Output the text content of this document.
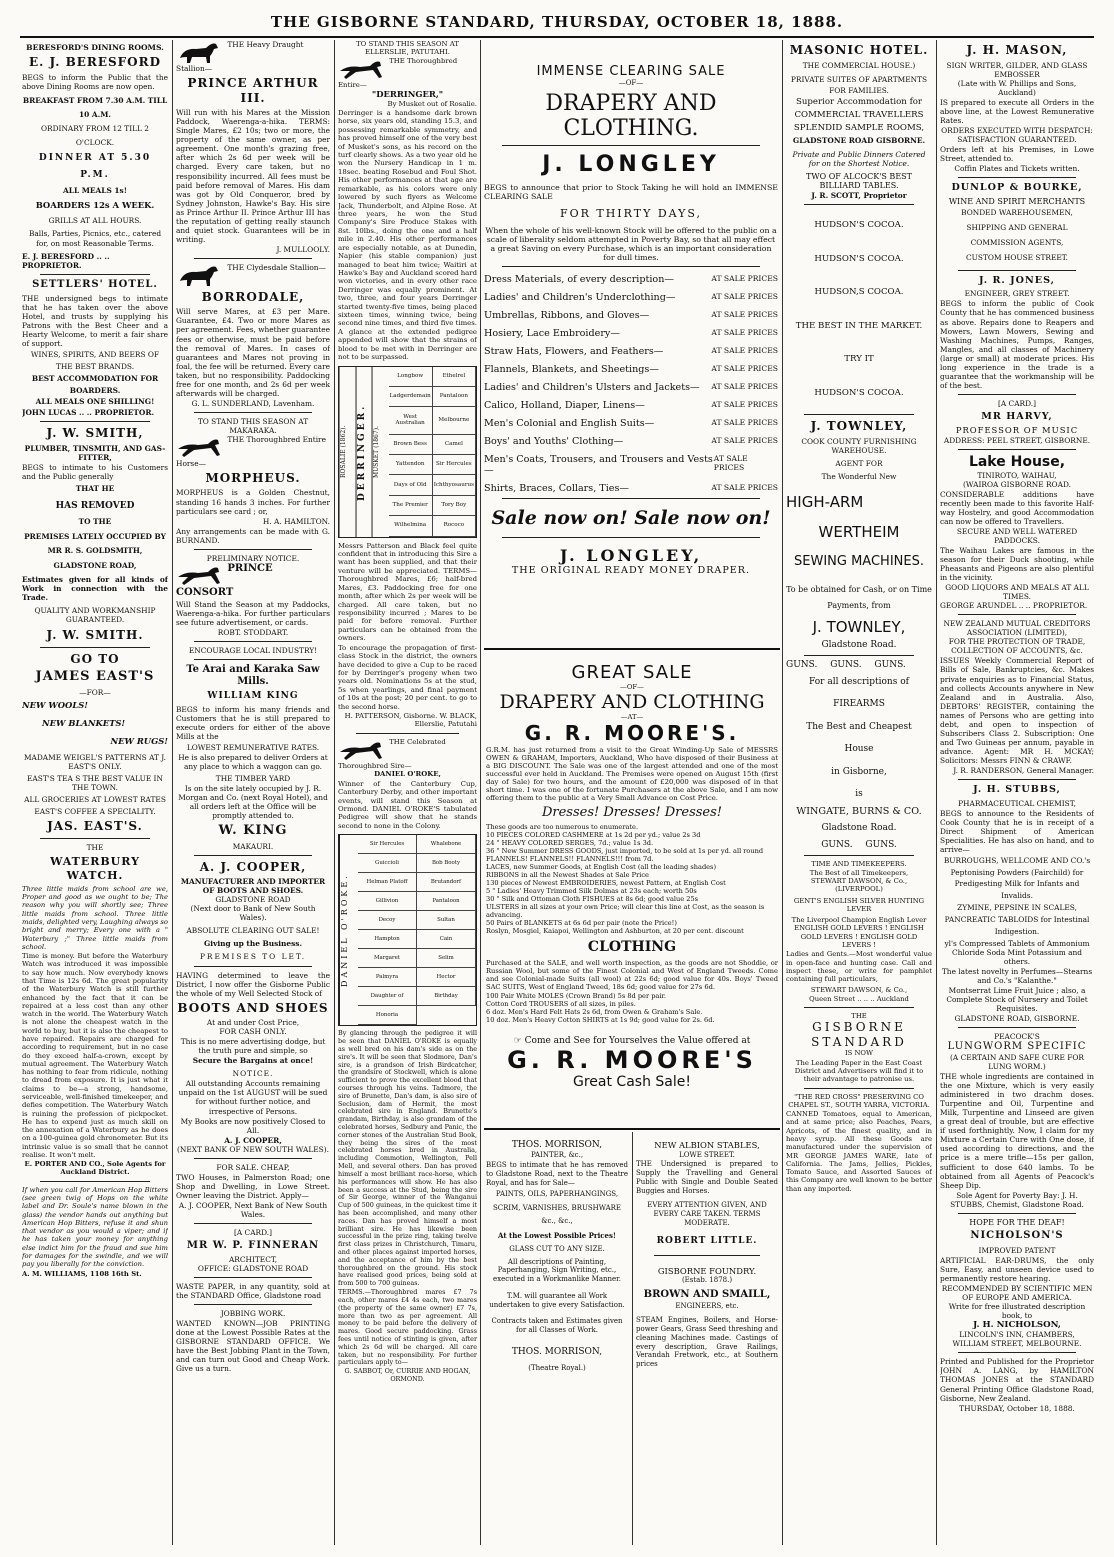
THE GISBORNE STANDARD, THURSDAY, OCTOBER 18, 1888.
BERESFORD'S DINING ROOMS.
E. J. BERESFORD

BEGS to inform the Public that the above Dining Rooms are now open.

BREAKFAST FROM 7.30 A.M. TILL 10 A.M.
ORDINARY FROM 12 TILL 2 O'CLOCK.
DINNER AT 5.30 P.M.
ALL MEALS 1s!
BOARDERS 12s A WEEK.
GRILLS AT ALL HOURS.

Balls, Parties, Picnics, etc., catered for, on most Reasonable Terms.

E. J. BERESFORD .. .. PROPRIETOR.
SETTLERS' HOTEL.

THE undersigned begs to intimate that he has taken over the above Hotel, and trusts by supplying his Patrons with the Best Cheer and a Hearty Welcome, to merit a fair share of support.

WINES, SPIRITS, AND BEERS OF THE BEST BRANDS.
BEST ACCOMMODATION FOR BOARDERS.
ALL MEALS ONE SHILLING!
JOHN LUCAS .. .. PROPRIETOR.
J. W. SMITH,
PLUMBER, TINSMITH, AND GAS-FITTER,

BEGS to intimate to his Customers and the Public generally

THAT HE
HAS REMOVED
TO THE
PREMISES LATELY OCCUPIED BY
MR R. S. GOLDSMITH,
GLADSTONE ROAD,

Estimates given for all kinds of Work in connection with the Trade.

QUALITY AND WORKMANSHIP GUARANTEED.
J. W. SMITH.
GO TO
JAMES EAST'S
—FOR—
NEW WOOLS!
NEW BLANKETS!
NEW RUGS!
MADAME WEIGEL'S PATTERNS AT J. EAST'S ONLY.
EAST'S TEA S THE BEST VALUE IN THE TOWN.
ALL GROCERIES AT LOWEST RATES
EAST'S COFFEE A SPECIALITY.
JAS. EAST'S.
THE
WATERBURY WATCH.

Three little maids from school are we, Proper and good as we ought to be; The reason why you will shortly see; Three little maids from school. Three little maids, delighted very, Laughing always so bright and merry; Every one with a " Waterbury ;" Three little maids from school.

Time is money. But before the Waterbury Watch was introduced it was impossible to say how much. Now everybody knows that Time is 12s 6d. The great popularity of the Waterbury Watch is still further enhanced by the fact that it can be repaired at a less cost than any other watch in the world. The Waterbury Watch is not alone the cheapest watch in the world to buy, but it is also the cheapest to have repaired. Repairs are charged for according to requirement, but in no case do they exceed half-a-crown, except by mutual agreement. The Waterbury Watch has nothing to fear from ridicule, nothing to dread from exposure. It is just what it claims to be—a strong, handsome, serviceable, well-finished timekeeper, and defies competition. The Waterbury Watch is ruining the profession of pickpocket. He has to expend just as much skill on the annexation of a Waterbury as he does on a 100-guinea gold chronometer. But its intrinsic value is so small that he cannot realise. It won't melt.

E. PORTER AND CO., Sole Agents for Auckland District.

If when you call for American Hop Bitters (see green twig of Hops on the white label and Dr. Soule's name blown in the glass) the vendor hands out anything but American Hop Bitters, refuse it and shun that vendor as you would a viper; and if he has taken your money for anything else indict him for the fraud and sue him for damages for the swindle, and we will pay you liberally for the conviction.

A. M. WILLIAMS, 1108 16th St.
THE Heavy Draught Stallion—
PRINCE ARTHUR III.

Will run with his Mares at the Mission Paddock, Waerenga-a-hika. TERMS: Single Mares, £2 10s; two or more, the property of the same owner, as per agreement. One month's grazing free, after which 2s 6d per week will be charged. Every care taken, but no responsibility incurred. All fees must be paid before removal of Mares. His dam was got by Old Conqueror, bred by Sydney Johnston, Hawke's Bay. His sire as Prince Arthur II. Prince Arthur III has the reputation of getting really staunch and quiet stock. Guarantees will be in writing.

J. MULLOOLY.
THE Clydesdale Stallion—
BORRODALE,

Will serve Mares, at £3 per Mare. Guarantee, £4. Two or more Mares as per agreement. Fees, whether guarantee fees or otherwise, must be paid before the removal of Mares. In cases of guarantees and Mares not proving in foal, the fee will be returned. Every care taken, but no responsibility. Paddocking free for one month, and 2s 6d per week afterwards will be charged.

G. L. SUNDERLAND, Lavenham.
TO STAND THIS SEASON AT MAKARAKA.
THE Thoroughbred Entire Horse—
MORPHEUS.

MORPHEUS is a Golden Chestnut, standing 16 hands 3 inches. For further particulars see card ; or,

H. A. HAMILTON.

Any arrangements can be made with G. BURNAND.

PRELIMINARY NOTICE.
PRINCE CONSORT

Will Stand the Season at my Paddocks, Waerenga-a-hika. For further particulars see future advertisement, or cards.

ROBT. STODDART.
ENCOURAGE LOCAL INDUSTRY!
Te Arai and Karaka Saw Mills.
WILLIAM KING

BEGS to inform his many friends and Customers that he is still prepared to execute orders for either of the above Mills at the

LOWEST REMUNERATIVE RATES.

He is also prepared to deliver Orders at any place to which a waggon can go.

THE TIMBER YARD

Is on the site lately occupied by J. R. Morgan and Co. (next Royal Hotel), and all orders left at the Office will be promptly attended to.

W. KING
MAKAURI.
A. J. COOPER,
MANUFACTURER AND IMPORTER OF BOOTS AND SHOES.
GLADSTONE ROAD
(Next door to Bank of New South Wales).
ABSOLUTE CLEARING OUT SALE!
Giving up the Business.
PREMISES TO LET.

HAVING determined to leave the District, I now offer the Gisborne Public the whole of my Well Selected Stock of

BOOTS AND SHOES
At and under Cost Price,
FOR CASH ONLY.

This is no mere advertising dodge, but the truth pure and simple, so

Secure the Bargains at once!
NOTICE.

All outstanding Accounts remaining unpaid on the 1st AUGUST will be sued for without further notice, and irrespective of Persons.

My Books are now positively Closed to All.

A. J. COOPER,
(NEXT BANK OF NEW SOUTH WALES).
FOR SALE. CHEAP,

TWO Houses, in Palmerston Road; one Shop and Dwelling, in Lowe Street. Owner leaving the District. Apply—

A. J. COOPER, Next Bank of New South Wales.
[A CARD.]
MR W. P. FINNERAN
ARCHITECT,
OFFICE: GLADSTONE ROAD

WASTE PAPER, in any quantity, sold at the STANDARD Office, Gladstone road

JOBBING WORK.

WANTED KNOWN—JOB PRINTING done at the Lowest Possible Rates at the GISBORNE STANDARD OFFICE. We have the Best Jobbing Plant in the Town, and can turn out Good and Cheap Work. Give us a turn.

TO STAND THIS SEASON AT ELLERSLIE, PATUTAHI.
THE Thoroughbred Entire—
"DERRINGER,"
By Musket out of Rosalie.

Derringer is a handsome dark brown horse, six years old, standing 15.3, and possessing remarkable symmetry, and has proved himself one of the very best of Musket's sons, as his record on the turf clearly shows. As a two year old he won the Nursery Handicap in 1 m. 18sec. beating Rosebud and Foul Shot. His other performances at that age are remarkable, as his colors were only lowered by such flyers as Welcome Jack, Thunderbolt, and Alpine Rose. At three years, he won the Stud Company's Sire Produce Stakes with 8st. 10lbs., doing the one and a half mile in 2.40. His other performances are especially notable, as at Dunedin, Napier (his stable companion) just managed to beat him twice; Waitiri at Hawke's Bay and Auckland scored hard won victories, and in every other race Derringer was equally prominent. At two, three, and four years Derringer started twenty-five times, being placed sixteen times, winning twice, being second nine times, and third five times. A glance at the extended pedigree appended will show that the strains of blood to be met with in Derringer are not to be surpassed.

ROSALIE (1862).	DERRINGER.	MUSKET (1867).
Longbow	Ethelrel
Ladgerdemain	Pantaloon
West Australian
Melbourne
Brown Bess	Camel
Yattendon	Sir Hercules
Days of Old	Ichthyosaurus
The Premier	Tory Boy
Wilhelmina	Rococo

Messrs Patterson and Black feel quite confident that in introducing this Sire a want has been supplied, and that their venture will be appreciated. TERMS—Thoroughbred Mares, £6; half-bred Mares, £3. Paddocking free for one month, after which 2s per week will be charged. All care taken, but no responsibility incurred ; Mares to be paid for before removal. Further particulars can be obtained from the owners.

To encourage the propagation of first-class Stock in the district, the owners have decided to give a Cup to be raced for by Derringer's progeny when two years old. Nominations 5s at the stud, 5s when yearlings, and final payment of 10s at the post; 20 per cent. to go to the second horse.

H. PATTERSON, Gisborne. W. BLACK, Ellerslie, Patutahi
THE Celebrated Thoroughbred Sire—
DANIEL O'ROKE,

Winner of the Canterbury Cup, Canterbury Derby, and other important events, will stand this Season at Ormond. DANIEL O'ROKE'S tabulated Pedigree will show that he stands second to none in the Colony.

DANIEL O'ROKE.
Sir Hercules	Whalebone
Guiccioli	Bob Booty
Helman Platoff	Brutandorf
Gillivion	Pantaloon
Decoy	Sultan
Hampton	Cain
Margaret	Selim
Palmyra	Hector
Daughter of	Birthday
Honoria

By glancing through the pedigree it will be seen that DANIEL O'ROKE is equally as well bred on his dam's side as on the sire's. It will be seen that Slodmore, Dan's sire, is a grandson of Irish Birdcatcher, the grandsire of Stockwell, which is alone sufficient to prove the excellent blood that courses through his veins. Tadmore, the sire of Brunette, Dan's dam, is also sire of Seclusion, dam of Hermit, the most celebrated sire in England. Brunette's grandam, Birthday, is also grandam of the celebrated horses, Sedbury and Panic, the corner stones of the Australian Stud Book, they being the sires of the most celebrated horses bred in Australia, including Commotion, Wellington, Pell Mell, and several others. Dan has proved himself a most brilliant race-horse, which his performances will show. He has also been a success at the Stud, being the sire of Sir George, winner of the Wanganui Cup of 500 guineas, in the quickest time it has been accomplished, and many other races. Dan has proved himself a most brilliant sire. He has likewise been successful in the prize ring, taking twelve first class prizes in Christchurch, Timaru, and other places against imported horses, and the acceptance of him by the best thoroughbred on the ground. His stock have realised good prices, being sold at from 500 to 700 guineas.

TERMS.—Thoroughbred mares £7 7s each, other mares £4 4s each, two mares (the property of the same owner) £7 7s, more than two as per agreement. All money to be paid before the delivery of mares. Good secure paddocking. Grass fees until notice of stinting is given, after which 2s 6d will be charged. All care taken, but no responsibility. For further particulars apply to—

G. SABBOT, Or, CURRIE AND HOGAN, ORMOND.
IMMENSE CLEARING SALE
—OF—
DRAPERY AND CLOTHING.
J. LONGLEY

BEGS to announce that prior to Stock Taking he will hold an IMMENSE CLEARING SALE

FOR THIRTY DAYS,

When the whole of his well-known Stock will be offered to the public on a scale of liberality seldom attempted in Poverty Bay, so that all may effect a great Saving on every Purchase, which is an important consideration for dull times.

Dress Materials, of every description—	AT SALE PRICES
Ladies' and Children's Underclothing—	AT SALE PRICES
Umbrellas, Ribbons, and Gloves—	AT SALE PRICES
Hosiery, Lace Embroidery—	AT SALE PRICES
Straw Hats, Flowers, and Feathers—	AT SALE PRICES
Flannels, Blankets, and Sheetings—	AT SALE PRICES
Ladies' and Children's Ulsters and Jackets— AT SALE PRICES
Calico, Holland, Diaper, Linens—	AT SALE PRICES
Men's Colonial and English Suits—	AT SALE PRICES
Boys' and Youths' Clothing—	AT SALE PRICES
Men's Coats, Trousers, and Trousers and Vests—
AT SALE PRICES
Shirts, Braces, Collars, Ties—	AT SALE PRICES
Sale now on! Sale now on!
J. LONGLEY,
THE ORIGINAL READY MONEY DRAPER.
GREAT SALE
—OF—
DRAPERY AND CLOTHING
—AT—
G. R. MOORE'S.

G.R.M. has just returned from a visit to the Great Winding-Up Sale of MESSRS OWEN & GRAHAM, Importers, Auckland, Who have disposed of their Business at a BIG DISCOUNT. The Sale was one of the largest attended and one of the most successful ever held in Auckland. The Premises were opened on August 15th (first day of Sale) for two hours, and the amount of £20,000 was disposed of in that short time. I was one of the fortunate Purchasers at the above Sale, and I am now offering them to the public at a Very Small Advance on Cost Price.

Dresses! Dresses! Dresses!
These goods are too numerous to enumerate.
10 PIECES COLORED CASHMERE at 1s 2d per yd.; value 2s 3d
24 " HEAVY COLORED SERGES, 7d.; value 1s 3d.
36 " New Summer DRESS GOODS, just imported, to be sold at 1s per yd. all round
FLANNELS! FLANNELS!! FLANNELS!!! from 7d.
LACES, new Summer Goods, at English Cost (all the leading shades)
RIBBONS in all the Newest Shades at Sale Price
130 pieces of Newest EMBROIDERIES, newest Pattern, at English Cost
5 " Ladies' Heavy Trimmed Silk Dolmas at 23s each; worth 50s
30 " Silk and Ottoman Cloth FISHUES at 8s 6d; good value 25s
ULSTERS in all sizes at your own Price; will clear this line at Cost, as the season is advancing.
50 Pairs of BLANKETS at 6s 6d per pair (note the Price!)
Roslyn, Mosgiel, Kaiapoi, Wellington and Ashburton, at 20 per cent. discount
CLOTHING

Purchased at the SALE, and well worth inspection, as the goods are not Shoddie, or Russian Wool, but some of the Finest Colonial and West of England Tweeds. Come and see Colonial-made Suits (all wool) at 22s 6d; good value for 40s. Boys' Tweed SAC SUITS, West of England Tweed, 18s 6d; good value for 27s 6d.

100 Pair White MOLES (Crown Brand) 5s 8d per pair.
Cotton Cord TROUSERS of all sizes, in piles.
6 doz. Men's Hard Felt Hats 2s 6d, from Owen & Graham's Sale.
10 doz. Men's Heavy Cotton SHIRTS at 1s 9d; good value for 2s. 6d.
☞ Come and See for Yourselves the Value offered at
G. R. MOORE'S
Great Cash Sale!
THOS. MORRISON,
PAINTER, &c.,

BEGS to intimate that he has removed to Gladstone Road, next to the Theatre Royal, and has for Sale—

PAINTS, OILS, PAPERHANGINGS,
SCRIM, VARNISHES, BRUSHWARE
&c., &c.,
At the Lowest Possible Prices!
GLASS CUT TO ANY SIZE.

All descriptions of Painting, Paperhanging, Sign Writing, etc., executed in a Workmanlike Manner.

T.M. will guarantee all Work undertaken to give every Satisfaction.

Contracts taken and Estimates given for all Classes of Work.

THOS. MORRISON,
(Theatre Royal.)
NEW ALBION STABLES,
LOWE STREET.

THE Undersigned is prepared to Supply the Travelling and General Public with Single and Double Seated Buggies and Horses.

EVERY ATTENTION GIVEN, AND EVERY CARE TAKEN. TERMS MODERATE.
ROBERT LITTLE.
GISBORNE FOUNDRY.
(Estab. 1878.)
BROWN AND SMAILL,
ENGINEERS, etc.

STEAM Engines, Boilers, and Horse-power Gears, Grass Seed threshing and cleaning Machines made. Castings of every description, Grave Railings, Verandah Fretwork, etc., at Southern prices

MASONIC HOTEL.
THE COMMERCIAL HOUSE.)
PRIVATE SUITES OF APARTMENTS FOR FAMILIES.
Superior Accommodation for
COMMERCIAL TRAVELLERS
SPLENDID SAMPLE ROOMS,
GLADSTONE ROAD GISBORNE.
Private and Public Dinners Catered for on the Shortest Notice.
TWO OF ALCOCK'S BEST BILLIARD TABLES.
J. R. SCOTT, Proprietor
HUDSON'S COCOA.
HUDSON'S COCOA.
HUDSON,S COCOA.
THE BEST IN THE MARKET.
TRY IT
HUDSON'S COCOA.
J. TOWNLEY,
COOK COUNTY FURNISHING WAREHOUSE.
AGENT FOR
The Wonderful New
HIGH-ARM
WERTHEIM
SEWING MACHINES.
To be obtained for Cash, or on Time Payments, from
J. TOWNLEY,
Gladstone Road.
GUNS. GUNS. GUNS.
For all descriptions of
FIREARMS
The Best and Cheapest
House
in Gisborne,
is
WINGATE, BURNS & CO.
Gladstone Road.
GUNS. GUNS.
TIME AND TIMEKEEPERS.
The Best of all Timekeepers,
STEWART DAWSON, & Co.,
(LIVERPOOL)
GENT'S ENGLISH SILVER HUNTING LEVER
The Liverpool Champion English Lever
ENGLISH GOLD LEVERS ! ENGLISH GOLD LEVERS ! ENGLISH GOLD LEVERS !

Ladies and Gents.—Most wonderful value in open-face and hunting case. Call and inspect these, or write for pamphlet containing full particulars,

STEWART DAWSON, & Co.,
Queen Street .. .. .. Auckland
THE
GISBORNE STANDARD
IS NOW

The Leading Paper in the East Coast District and Advertisers will find it to their advantage to patronise us.

"THE RED CROSS" PRESERVING CO
CHAPEL ST., SOUTH YARRA, VICTORIA.

CANNED Tomatoes, equal to American, and at same price; also Peaches, Pears, Apricots, of the finest quality, and in heavy syrup. All these Goods are manufactured under the supervision of MR GEORGE JAMES WARE, late of California. The Jams, Jellies, Pickles, Tomato Sauce, and Assorted Sauces of this Company are well known to be better than any imported.

J. H. MASON,
SIGN WRITER, GILDER, AND GLASS EMBOSSER
(Late with W. Phillips and Sons, Auckland)

IS prepared to execute all Orders in the above line, at the Lowest Remunerative Rates.

ORDERS EXECUTED WITH DESPATCH: SATISFACTION GUARANTEED.

Orders left at his Premises, in Lowe Street, attended to.

Coffin Plates and Tickets written.
DUNLOP & BOURKE,
WINE AND SPIRIT MERCHANTS
BONDED WAREHOUSEMEN,
SHIPPING AND GENERAL COMMISSION AGENTS,
CUSTOM HOUSE STREET.
J. R. JONES,
ENGINEER, GREY STREET.

BEGS to inform the public of Cook County that he has commenced business as above. Repairs done to Reapers and Mowers, Lawn Mowers, Sewing and Washing Machines, Pumps, Ranges, Mangles, and all classes of Machinery (large or small) at moderate prices. His long experience in the trade is a guarantee that the workmanship will be of the best.

[A CARD.]
MR HARVY,
PROFESSOR OF MUSIC
ADDRESS: PEEL STREET, GISBORNE.
Lake House,
TINIROTO, WAIHAU,
(WAIROA GISBORNE ROAD.

CONSIDERABLE additions have recently been made to this favorite Half-way Hostelry, and good Accommodation can now be offered to Travellers.

SECURE AND WELL WATERED PADDOCKS.

The Waihau Lakes are famous in the season for their Duck shooting, while Pheasants and Pigeons are also plentiful in the vicinity.

GOOD LIQUORS AND MEALS AT ALL TIMES.
GEORGE ARUNDEL .. .. PROPRIETOR.
NEW ZEALAND MUTUAL CREDITORS ASSOCIATION (LIMITED),
FOR THE PROTECTION OF TRADE, COLLECTION OF ACCOUNTS, &c.

ISSUES Weekly Commercial Report of Bills of Sale, Bankruptcies, &c. Makes private enquiries as to Financial Status, and collects Accounts anywhere in New Zealand and in Australia. Also, DEBTORS' REGISTER, containing the names of Persons who are getting into debt, and open to inspection of Subscribers Class 2. Subscription: One and Two Guineas per annum, payable in advance. Agent: MR H. MCKAY; Solicitors: Messrs FINN & CRAWF.

J. R. RANDERSON, General Manager.
J. H. STUBBS,
PHARMACEUTICAL CHEMIST,

BEGS to announce to the Residents of Cook County that he is in receipt of a Direct Shipment of American Specialities. He has also on hand, and to arrive—

BURROUGHS, WELLCOME AND CO.'s
Peptonising Powders (Fairchild) for
Predigesting Milk for Infants and
Invalids.
ZYMINE, PEPSINE IN SCALES, PANCREATIC TABLOIDS for Intestinal Indigestion.

yl's Compressed Tablets of Ammonium Chloride Soda Mint Potassium and others.

The latest novelty in Perfumes—Stearns and Co.'s "Kalanthe."

Montserrat Lime Fruit Juice ; also, a Complete Stock of Nursery and Toilet Requisites.

GLADSTONE ROAD, GISBORNE.
PEACOCK'S
LUNGWORM SPECIFIC
(A CERTAIN AND SAFE CURE FOR LUNG WORM.)

THE whole ingredients are contained in the one Mixture, which is very easily administered in two drachm doses. Turpentine and Oil, Turpentine and Milk, Turpentine and Linseed are given a great deal of trouble, but are effective if used forthnightly. Now, I claim for my Mixture a Certain Cure with One dose, if used according to directions, and the price is a mere trifle—15s per gallon, sufficient to dose 640 lambs. To be obtained from all Agents of Peacock's Sheep Dip.

Sole Agent for Poverty Bay: J. H. STUBBS, Chemist, Gladstone Road.
HOPE FOR THE DEAF!
NICHOLSON'S
IMPROVED PATENT

ARTIFICIAL EAR-DRUMS, the only Sure, Easy, and unseen device used to permanently restore hearing.

RECOMMENDED BY SCIENTIFIC MEN OF EUROPE AND AMERICA.
Write for free illustrated description book, to
J. H. NICHOLSON,
LINCOLN'S INN, CHAMBERS,
WILLIAM STREET, MELBOURNE.

Printed and Published for the Proprietor JOHN A. LANG, by HAMILTON THOMAS JONES at the STANDARD General Printing Office Gladstone Road, Gisborne, New Zealand.

THURSDAY, October 18, 1888.
